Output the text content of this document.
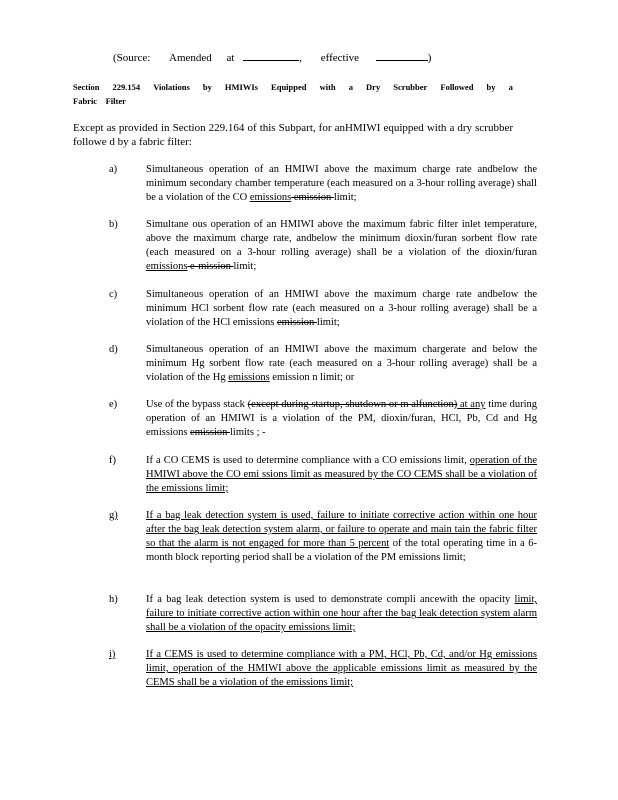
(Source: Amended at	, effective	)
Section 229.154 Violations by HMIWIs Equipped with a Dry Scrubber Followed by a
Fabric    Filter
Except as provided in Section 229.164 of this Subpart, for anHMIWI equipped with a dry scrubber followe d by a fabric filter:
a)	Simultaneous operation of an HMIWI above the maximum charge rate andbelow the minimum secondary chamber temperature (each measured on a 3-hour rolling average) shall be a violation of the CO emissions emission limit;
b)	Simultane ous operation of an HMIWI above the maximum fabric filter inlet temperature, above the maximum charge rate, andbelow the minimum dioxin/furan sorbent flow rate (each measured on a 3-hour rolling average) shall be a violation of the dioxin/furan emissions e-mission limit;
c)	Simultaneous operation of an HMIWI above the maximum charge rate andbelow the minimum HCl sorbent flow rate (each measured on a 3-hour rolling average) shall be a violation of the HCl emissions emission limit;
d)	Simultaneous operation of an HMIWI above the maximum chargerate and below the minimum Hg sorbent flow rate (each measured on a 3-hour rolling average) shall be a violation of the Hg emissions emission n limit; or
e)	Use of the bypass stack (except during startup, shutdown or m alfunction) at any time during operation of an HMIWI is a violation of the PM, dioxin/furan, HCl, Pb, Cd and Hg emissions emission limits ; -
f)	If a CO CEMS is used to determine compliance with a CO emissions limit, operation of the HMIWI above the CO emi ssions limit as measured by the CO CEMS shall be a violation of the emissions limit;
g)	If a bag leak detection system is used, failure to initiate corrective action within one hour after the bag leak detection system alarm, or failure to operate and main tain the fabric filter so that the alarm is not engaged for more than 5 percent of the total operating time in a 6-month block reporting period shall be a violation of the PM emissions limit;
h)	If a bag leak detection system is used to demonstrate compli ancewith the opacity limit, failure to initiate corrective action within one hour after the bag leak detection system alarm shall be a violation of the opacity emissions limit;
i)	If a CEMS is used to determine compliance with a PM, HCl, Pb, Cd, and/or Hg emissions limit, operation of the HMIWI above the applicable emissions limit as measured by the CEMS shall be a violation of the emissions limit;
